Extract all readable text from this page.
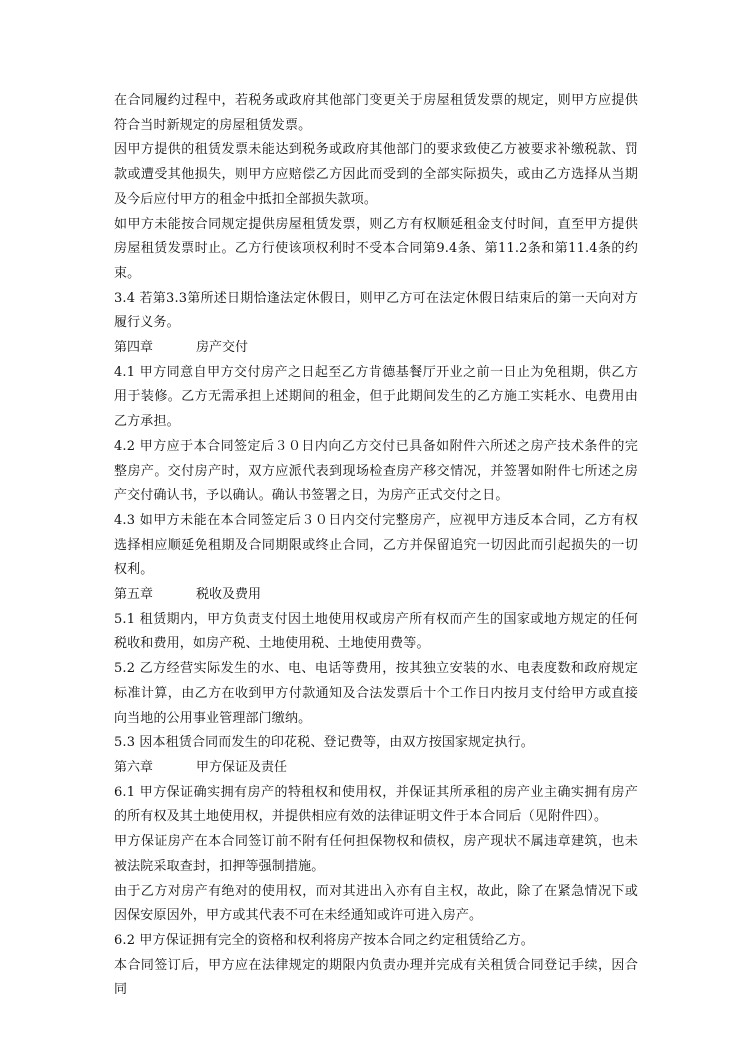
在合同履约过程中，若税务或政府其他部门变更关于房屋租赁发票的规定，则甲方应提供符合当时新规定的房屋租赁发票。

因甲方提供的租赁发票未能达到税务或政府其他部门的要求致使乙方被要求补缴税款、罚款或遭受其他损失，则甲方应赔偿乙方因此而受到的全部实际损失，或由乙方选择从当期及今后应付甲方的租金中抵扣全部损失款项。

如甲方未能按合同规定提供房屋租赁发票，则乙方有权顺延租金支付时间，直至甲方提供房屋租赁发票时止。乙方行使该项权利时不受本合同第9.4条、第11.2条和第11.4条的约束。

3.4 若第3.3第所述日期恰逢法定休假日，则甲乙方可在法定休假日结束后的第一天向对方履行义务。

第四章	房产交付

4.1 甲方同意自甲方交付房产之日起至乙方肯德基餐厅开业之前一日止为免租期，供乙方用于装修。乙方无需承担上述期间的租金，但于此期间发生的乙方施工实耗水、电费用由乙方承担。

4.2 甲方应于本合同签定后３０日内向乙方交付已具备如附件六所述之房产技术条件的完整房产。交付房产时，双方应派代表到现场检查房产移交情况，并签署如附件七所述之房产交付确认书，予以确认。确认书签署之日，为房产正式交付之日。

4.3 如甲方未能在本合同签定后３０日内交付完整房产，应视甲方违反本合同，乙方有权选择相应顺延免租期及合同期限或终止合同，乙方并保留追究一切因此而引起损失的一切权利。

第五章	税收及费用

5.1 租赁期内，甲方负责支付因土地使用权或房产所有权而产生的国家或地方规定的任何税收和费用，如房产税、土地使用税、土地使用费等。

5.2 乙方经营实际发生的水、电、电话等费用，按其独立安装的水、电表度数和政府规定标准计算，由乙方在收到甲方付款通知及合法发票后十个工作日内按月支付给甲方或直接向当地的公用事业管理部门缴纳。

5.3 因本租赁合同而发生的印花税、登记费等，由双方按国家规定执行。

第六章	甲方保证及责任

6.1 甲方保证确实拥有房产的特租权和使用权，并保证其所承租的房产业主确实拥有房产的所有权及其土地使用权，并提供相应有效的法律证明文件于本合同后（见附件四）。

甲方保证房产在本合同签订前不附有任何担保物权和债权，房产现状不属违章建筑，也未被法院采取查封，扣押等强制措施。

由于乙方对房产有绝对的使用权，而对其进出入亦有自主权，故此，除了在紧急情况下或因保安原因外，甲方或其代表不可在未经通知或许可进入房产。

6.2 甲方保证拥有完全的资格和权利将房产按本合同之约定租赁给乙方。

本合同签订后，甲方应在法律规定的期限内负责办理并完成有关租赁合同登记手续，因合同
